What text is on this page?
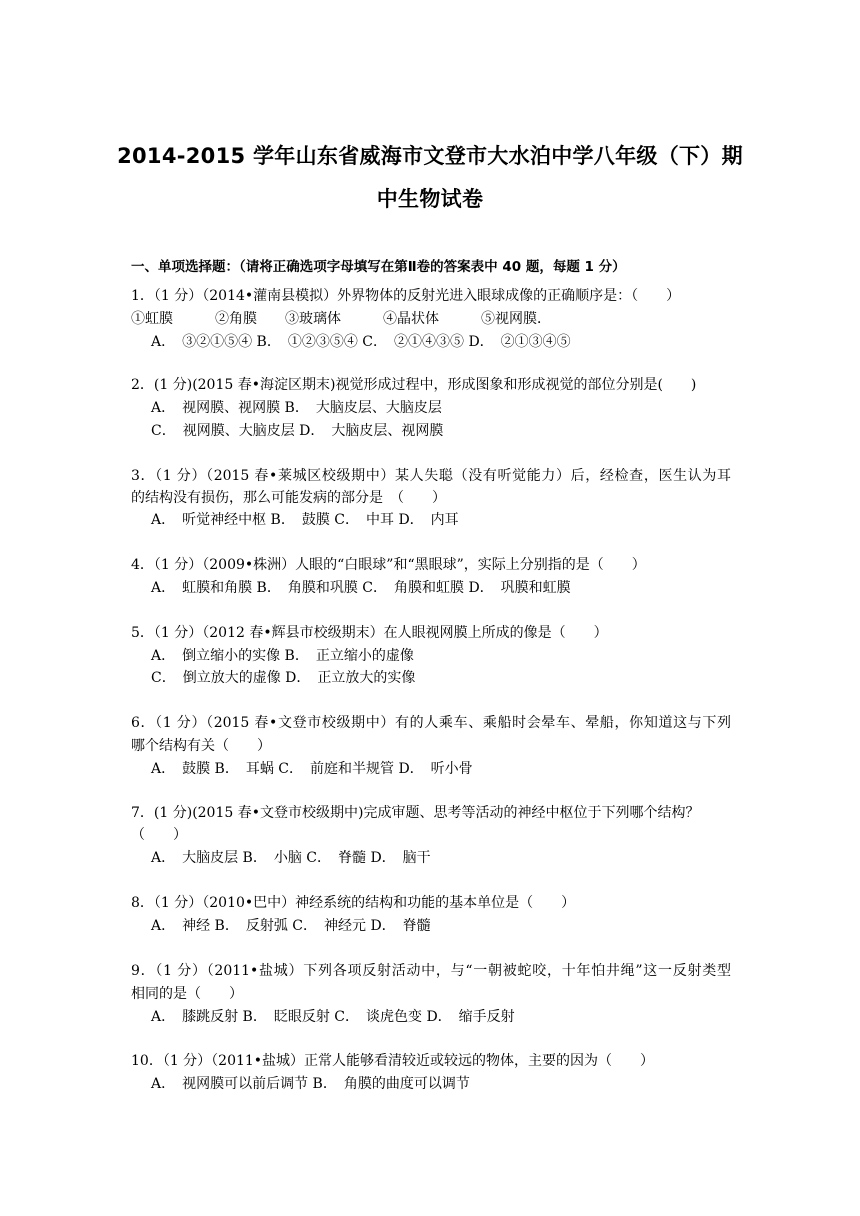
2014-2015 学年山东省威海市文登市大水泊中学八年级（下）期
中生物试卷
一、单项选择题：（请将正确选项字母填写在第Ⅱ卷的答案表中 40 题，每题 1 分）
1．（1 分）（2014•灌南县模拟）外界物体的反射光进入眼球成像的正确顺序是：（　　）
①虹膜　　　②角膜　　③玻璃体　　　④晶状体　　　⑤视网膜．
A．　③②①⑤④ B．　①②③⑤④ C．　②①④③⑤ D．　②①③④⑤
2．(1 分)(2015 春•海淀区期末)视觉形成过程中，形成图象和形成视觉的部位分别是(　　)
A．　视网膜、视网膜 B．　大脑皮层、大脑皮层
C．　视网膜、大脑皮层 D．　大脑皮层、视网膜
3．（1 分）（2015 春•莱城区校级期中）某人失聪（没有听觉能力）后，经检查，医生认为耳
的结构没有损伤，那么可能发病的部分是　（　　）
A．　听觉神经中枢 B．　鼓膜 C．　中耳 D．　内耳
4．（1 分）（2009•株洲）人眼的“白眼球”和“黑眼球”，实际上分别指的是（　　）
A．　虹膜和角膜 B．　角膜和巩膜 C．　角膜和虹膜 D．　巩膜和虹膜
5．（1 分）（2012 春•辉县市校级期末）在人眼视网膜上所成的像是（　　）
A．　倒立缩小的实像 B．　正立缩小的虚像
C．　倒立放大的虚像 D．　正立放大的实像
6．（1 分）（2015 春•文登市校级期中）有的人乘车、乘船时会晕车、晕船，你知道这与下列
哪个结构有关（　　）
A．　鼓膜 B．　耳蜗 C．　前庭和半规管 D．　听小骨
7．(1 分)(2015 春•文登市校级期中)完成审题、思考等活动的神经中枢位于下列哪个结构？
（　　）
A．　大脑皮层 B．　小脑 C．　脊髓 D．　脑干
8．（1 分）（2010•巴中）神经系统的结构和功能的基本单位是（　　）
A．　神经 B．　反射弧 C．　神经元 D．　脊髓
9．（1 分）（2011•盐城）下列各项反射活动中，与“一朝被蛇咬，十年怕井绳”这一反射类型
相同的是（　　）
A．　膝跳反射 B．　眨眼反射 C．　谈虎色变 D．　缩手反射
10．（1 分）（2011•盐城）正常人能够看清较近或较远的物体，主要的因为（　　）
A．　视网膜可以前后调节 B．　角膜的曲度可以调节
